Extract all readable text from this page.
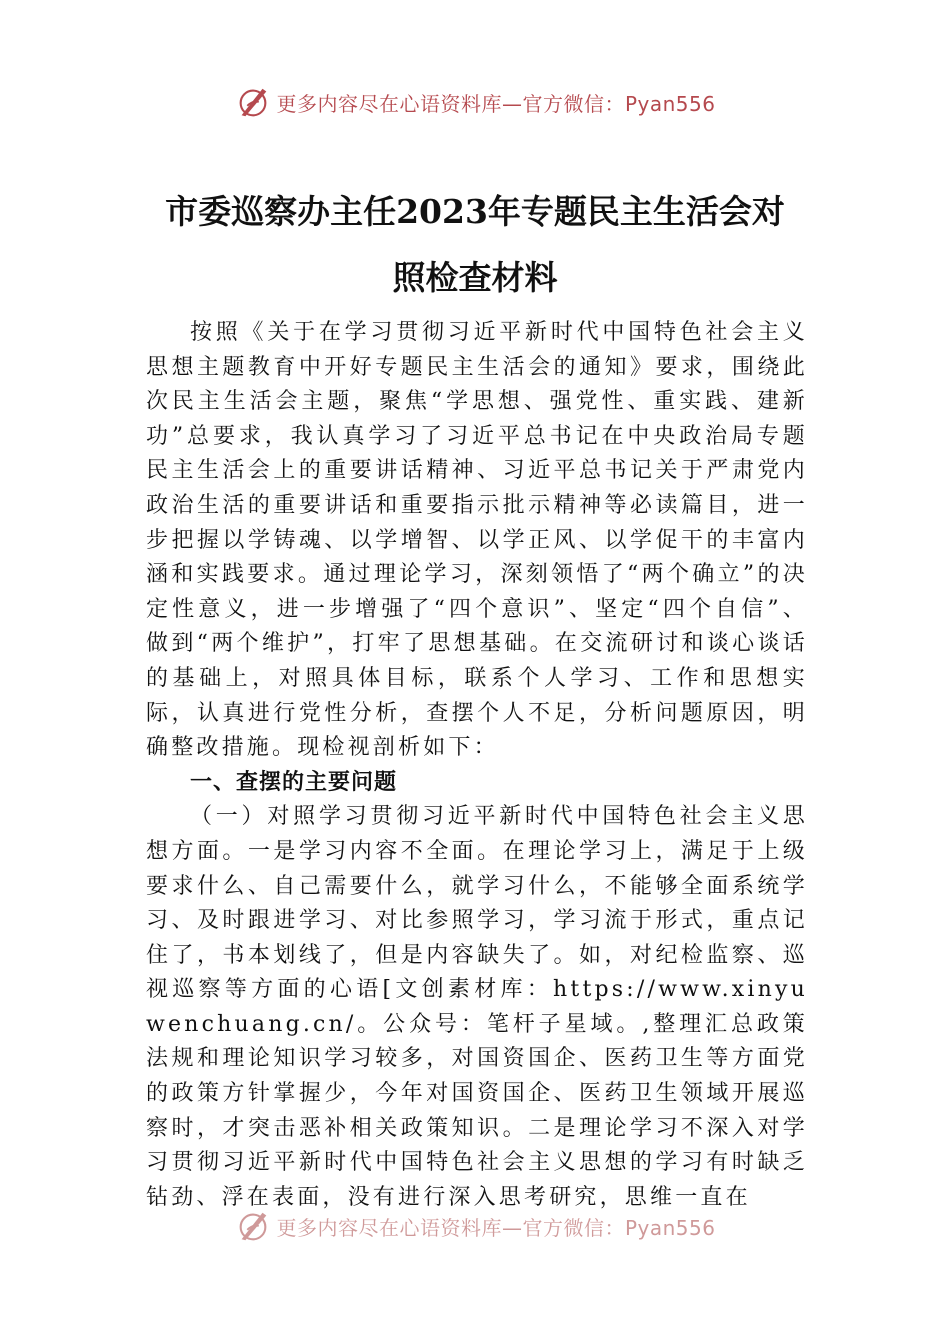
更多内容尽在心语资料库—官方微信：Pyan556
市委巡察办主任2023年专题民主生活会对
照检查材料

按照《关于在学习贯彻习近平新时代中国特色社会主义思想主题教育中开好专题民主生活会的通知》要求，围绕此次民主生活会主题，聚焦“学思想、强党性、重实践、建新功”总要求，我认真学习了习近平总书记在中央政治局专题民主生活会上的重要讲话精神、习近平总书记关于严肃党内政治生活的重要讲话和重要指示批示精神等必读篇目，进一步把握以学铸魂、以学增智、以学正风、以学促干的丰富内涵和实践要求。通过理论学习，深刻领悟了“两个确立”的决定性意义，进一步增强了“四个意识”、坚定“四个自信”、做到“两个维护”，打牢了思想基础。在交流研讨和谈心谈话的基础上，对照具体目标，联系个人学习、工作和思想实际，认真进行党性分析，查摆个人不足，分析问题原因，明确整改措施。现检视剖析如下：

一、查摆的主要问题

（一）对照学习贯彻习近平新时代中国特色社会主义思想方面。一是学习内容不全面。在理论学习上，满足于上级要求什么、自己需要什么，就学习什么，不能够全面系统学习、及时跟进学习、对比参照学习，学习流于形式，重点记住了，书本划线了，但是内容缺失了。如，对纪检监察、巡视巡察等方面的心语[文创素材库：https://www.xinyuwenchuang.cn/。公众号：笔杆子星域。,整理汇总政策法规和理论知识学习较多，对国资国企、医药卫生等方面党的政策方针掌握少，今年对国资国企、医药卫生领域开展巡察时，才突击恶补相关政策知识。二是理论学习不深入对学习贯彻习近平新时代中国特色社会主义思想的学习有时缺乏钻劲、浮在表面，没有进行深入思考研究，思维一直在

更多内容尽在心语资料库—官方微信：Pyan556
